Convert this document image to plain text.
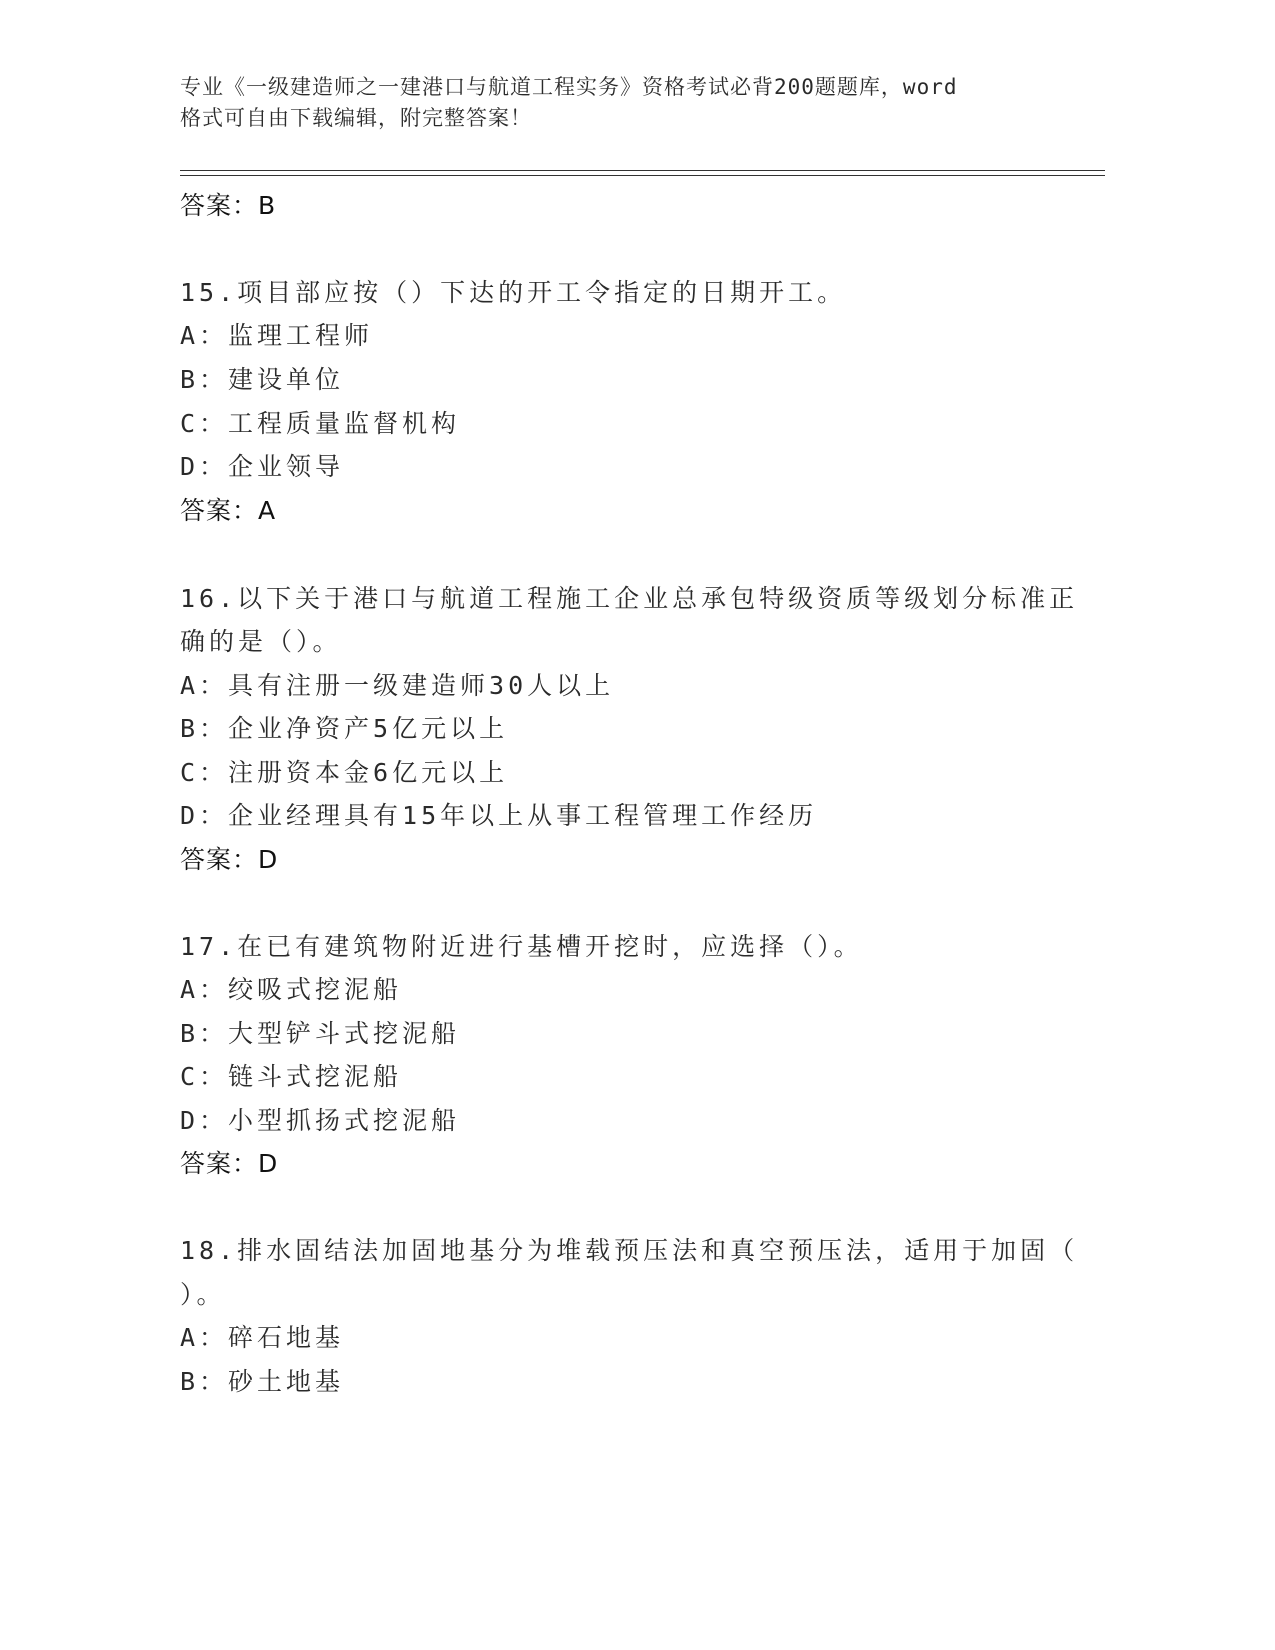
专业《一级建造师之一建港口与航道工程实务》资格考试必背200题题库，word
格式可自由下载编辑，附完整答案！
答案：B
15.项目部应按（）下达的开工令指定的日期开工。
A：监理工程师
B：建设单位
C：工程质量监督机构
D：企业领导
答案：A
16.以下关于港口与航道工程施工企业总承包特级资质等级划分标准正
确的是（）。
A：具有注册一级建造师30人以上
B：企业净资产5亿元以上
C：注册资本金6亿元以上
D：企业经理具有15年以上从事工程管理工作经历
答案：D
17.在已有建筑物附近进行基槽开挖时，应选择（）。
A：绞吸式挖泥船
B：大型铲斗式挖泥船
C：链斗式挖泥船
D：小型抓扬式挖泥船
答案：D
18.排水固结法加固地基分为堆载预压法和真空预压法，适用于加固（
）。
A：碎石地基
B：砂土地基
